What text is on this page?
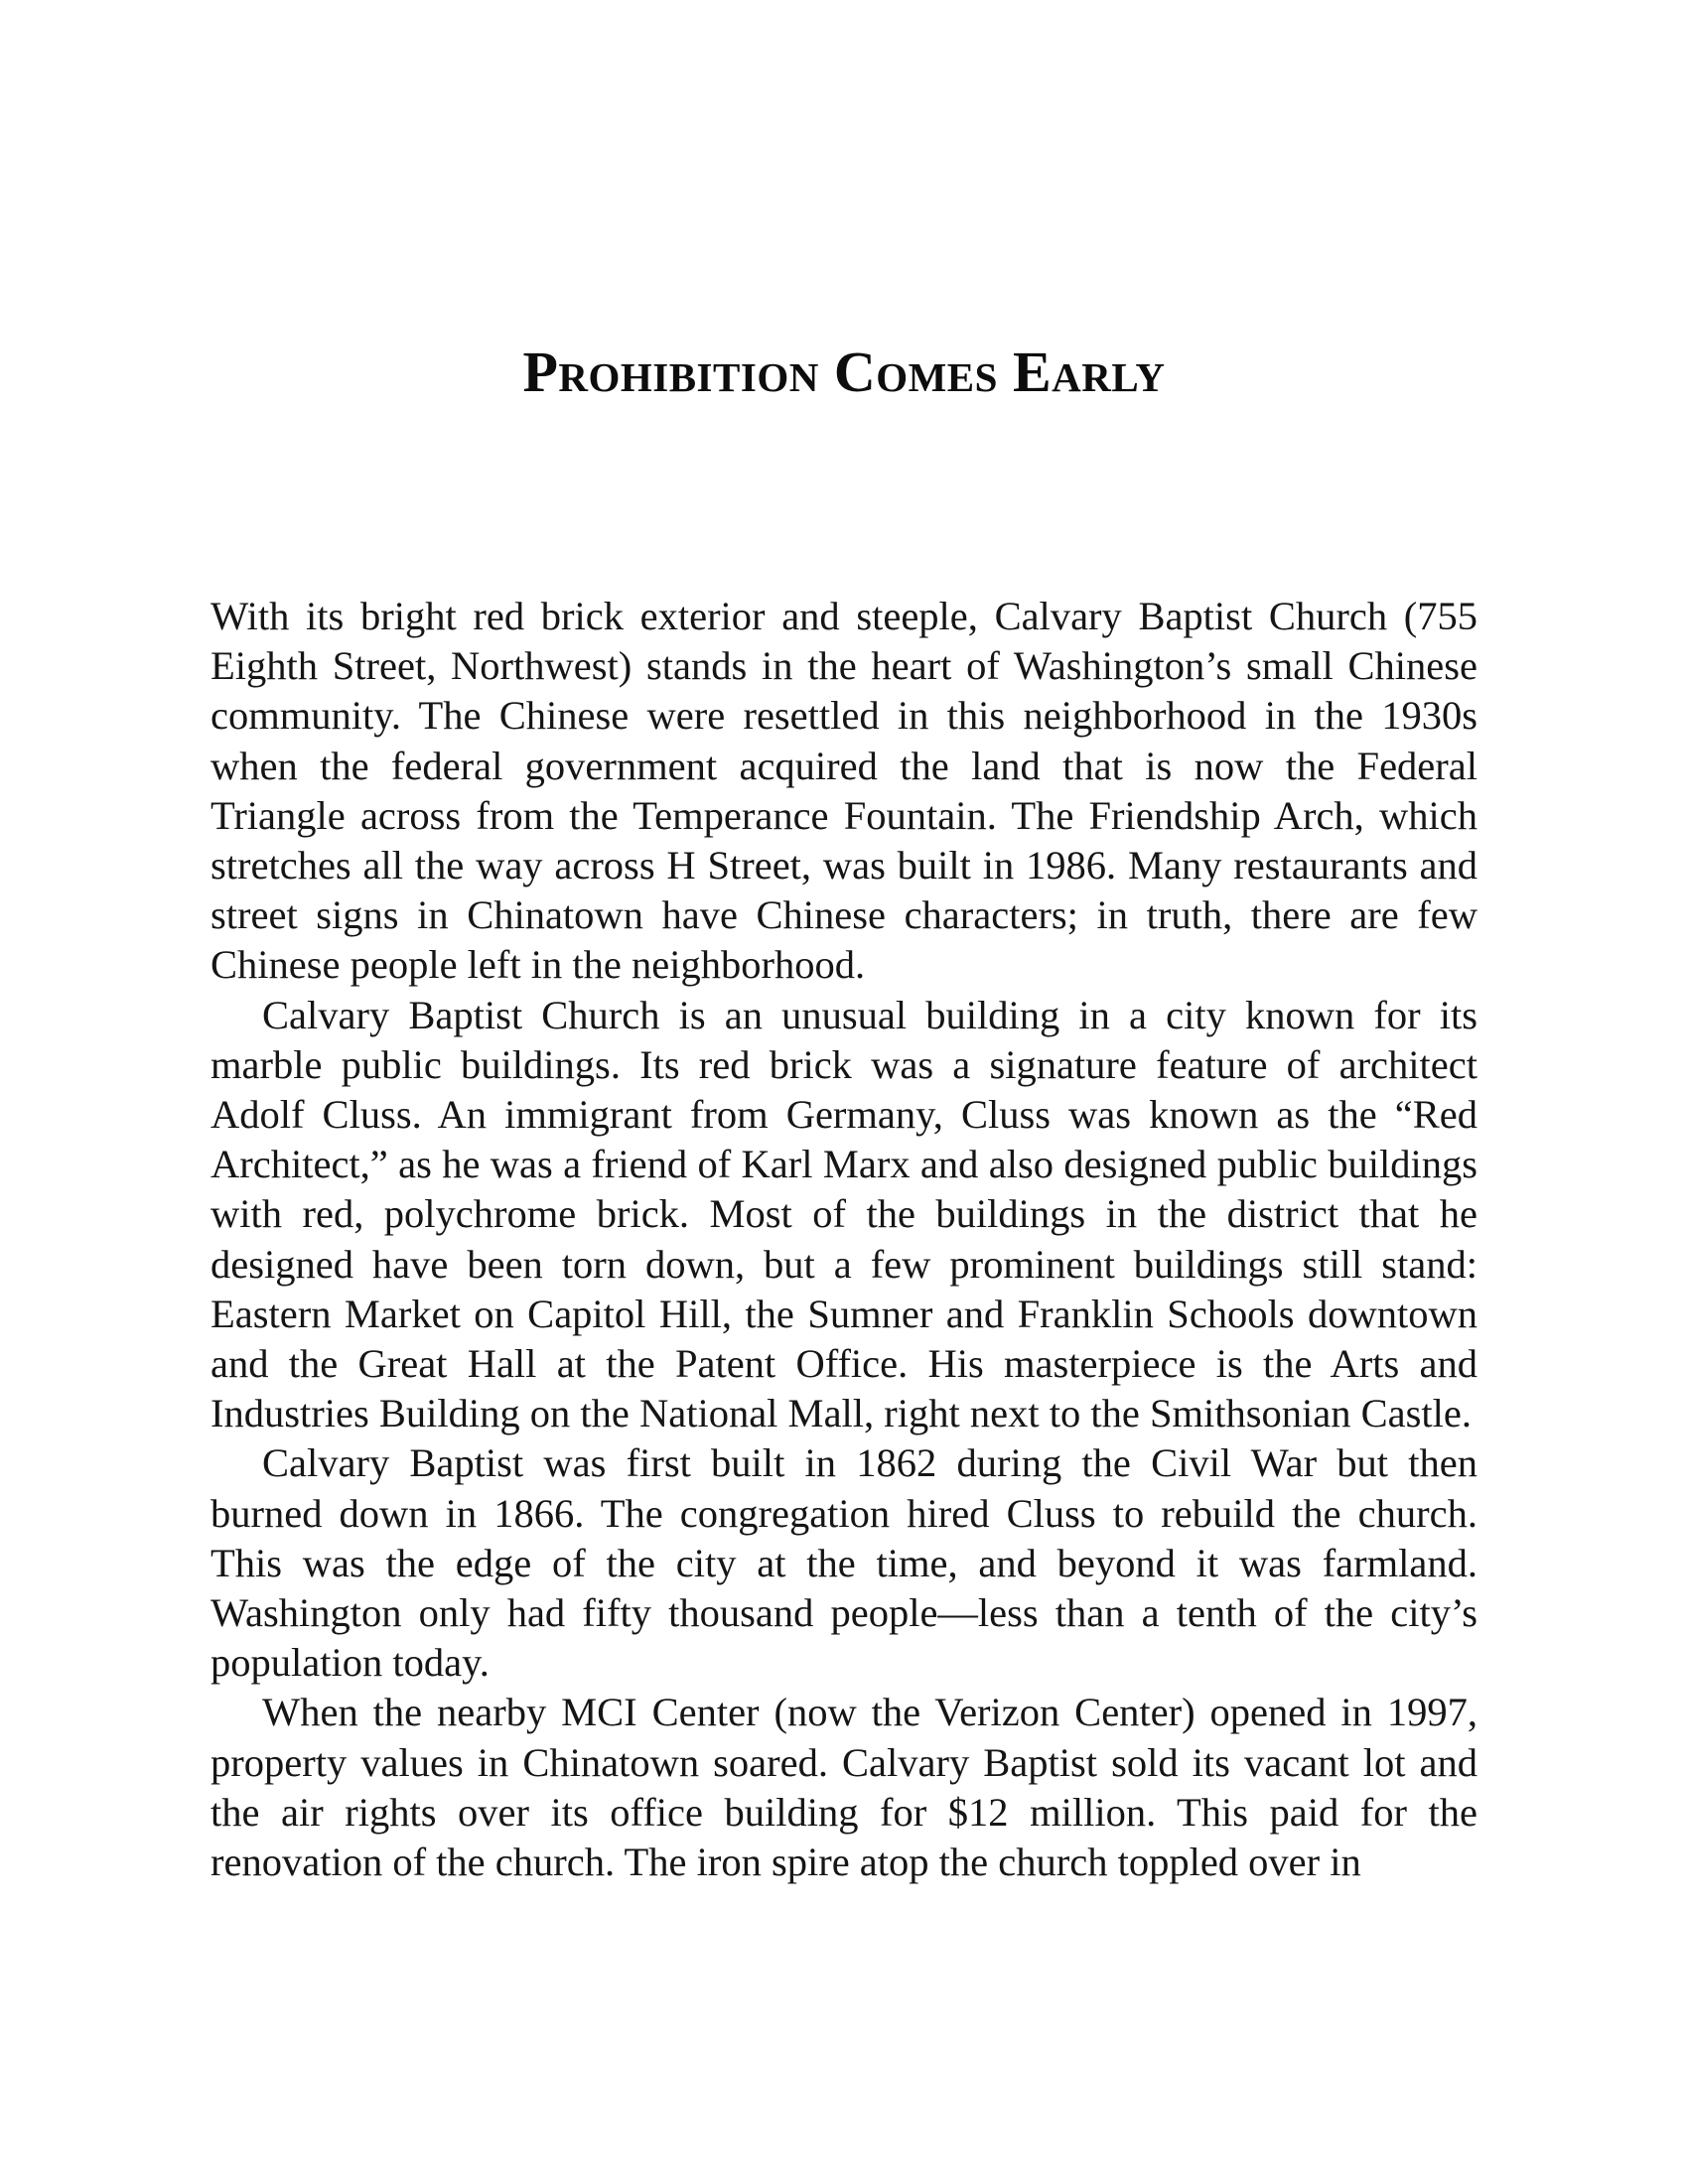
Prohibition Comes Early

With its bright red brick exterior and steeple, Calvary Baptist Church (755 Eighth Street, Northwest) stands in the heart of Washington’s small Chinese community. The Chinese were resettled in this neighborhood in the 1930s when the federal government acquired the land that is now the Federal Triangle across from the Temperance Fountain. The Friendship Arch, which stretches all the way across H Street, was built in 1986. Many restaurants and street signs in Chinatown have Chinese characters; in truth, there are few Chinese people left in the neighborhood.

Calvary Baptist Church is an unusual building in a city known for its marble public buildings. Its red brick was a signature feature of architect Adolf Cluss. An immigrant from Germany, Cluss was known as the “Red Architect,” as he was a friend of Karl Marx and also designed public buildings with red, polychrome brick. Most of the buildings in the district that he designed have been torn down, but a few prominent buildings still stand: Eastern Market on Capitol Hill, the Sumner and Franklin Schools downtown and the Great Hall at the Patent Office. His masterpiece is the Arts and Industries Building on the National Mall, right next to the Smithsonian Castle.

Calvary Baptist was first built in 1862 during the Civil War but then burned down in 1866. The congregation hired Cluss to rebuild the church. This was the edge of the city at the time, and beyond it was farmland. Washington only had fifty thousand people—less than a tenth of the city’s population today.

When the nearby MCI Center (now the Verizon Center) opened in 1997, property values in Chinatown soared. Calvary Baptist sold its vacant lot and the air rights over its office building for $12 million. This paid for the renovation of the church. The iron spire atop the church toppled over in
